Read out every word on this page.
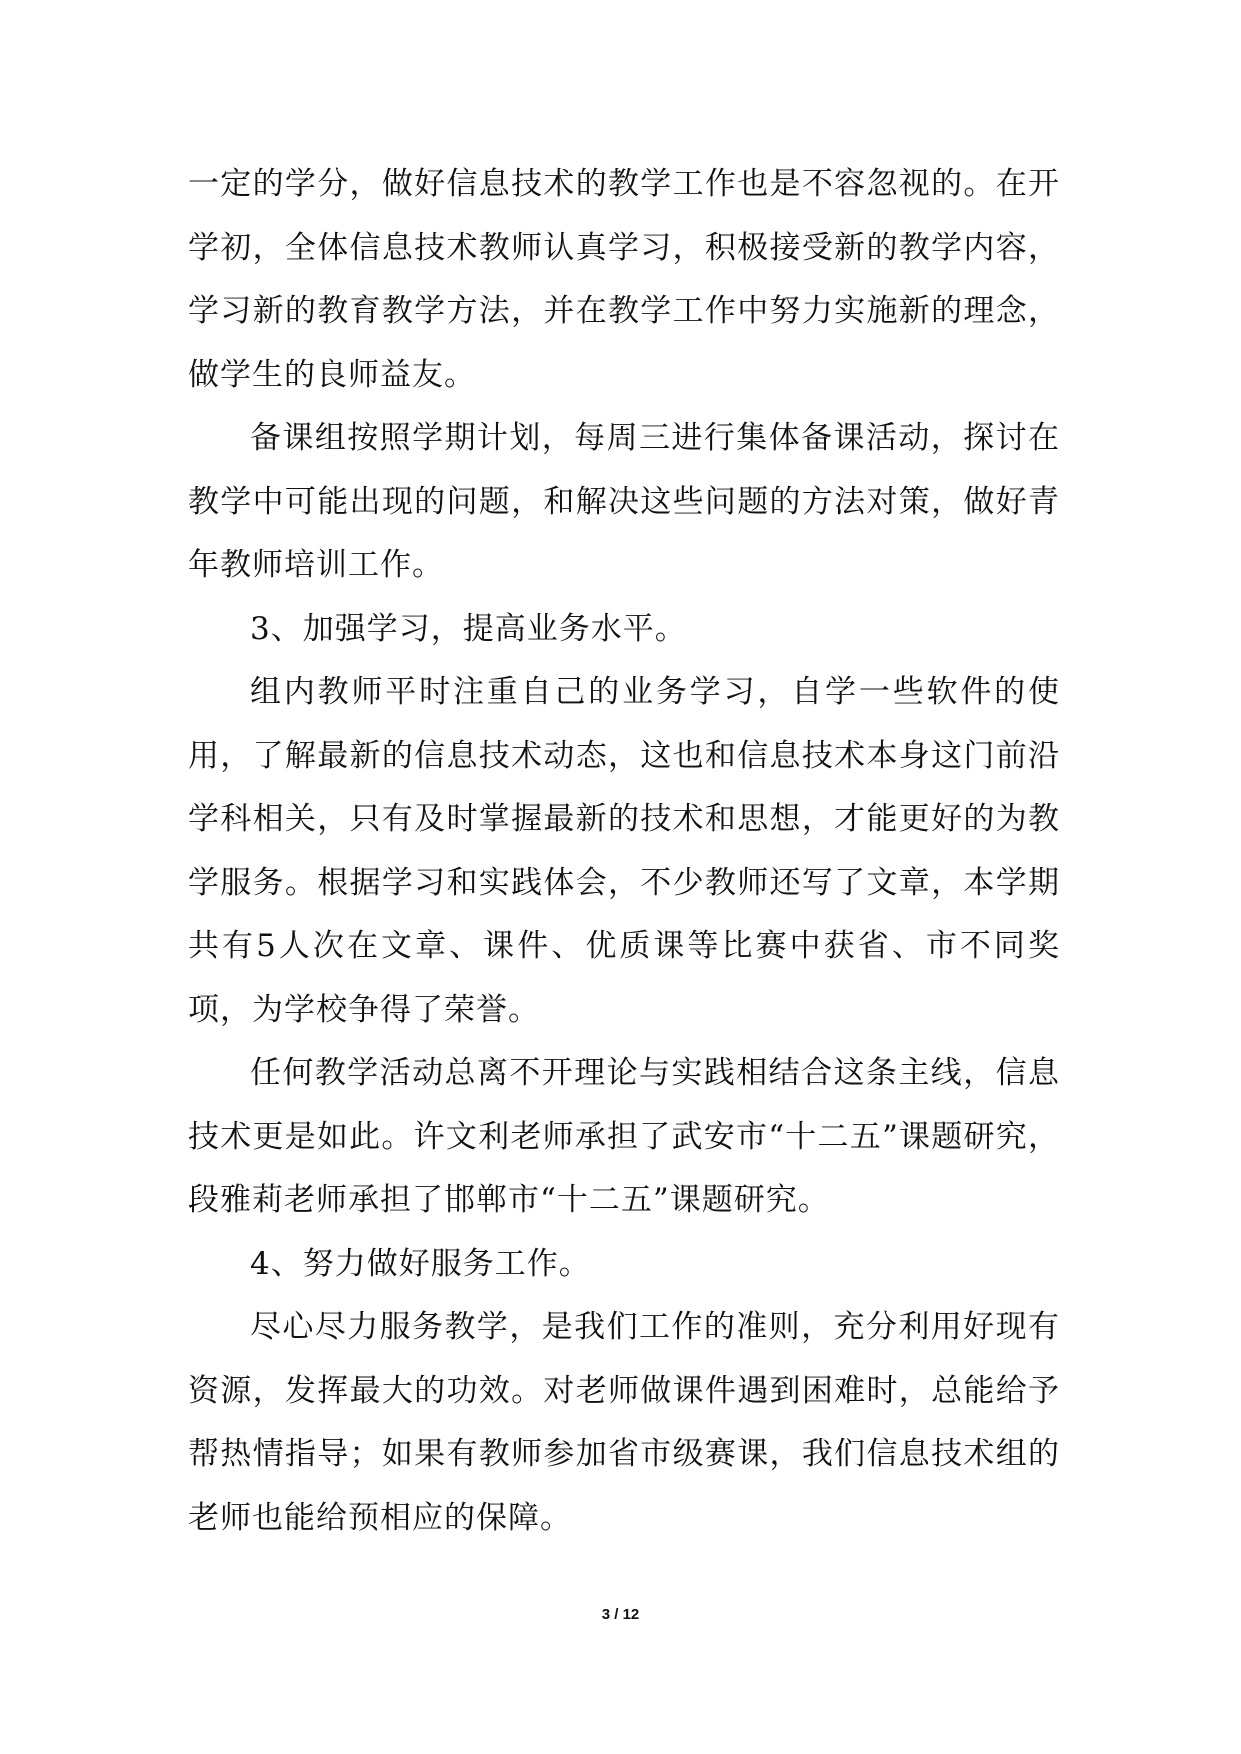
一定的学分，做好信息技术的教学工作也是不容忽视的。在开学初，全体信息技术教师认真学习，积极接受新的教学内容，学习新的教育教学方法，并在教学工作中努力实施新的理念，做学生的良师益友。

备课组按照学期计划，每周三进行集体备课活动，探讨在教学中可能出现的问题，和解决这些问题的方法对策，做好青年教师培训工作。

3、加强学习，提高业务水平。

组内教师平时注重自己的业务学习，自学一些软件的使用，了解最新的信息技术动态，这也和信息技术本身这门前沿学科相关，只有及时掌握最新的技术和思想，才能更好的为教学服务。根据学习和实践体会，不少教师还写了文章，本学期共有5人次在文章、课件、优质课等比赛中获省、市不同奖项，为学校争得了荣誉。

任何教学活动总离不开理论与实践相结合这条主线，信息技术更是如此。许文利老师承担了武安市“十二五”课题研究，段雅莉老师承担了邯郸市“十二五”课题研究。

4、努力做好服务工作。

尽心尽力服务教学，是我们工作的准则，充分利用好现有资源，发挥最大的功效。对老师做课件遇到困难时，总能给予帮热情指导；如果有教师参加省市级赛课，我们信息技术组的老师也能给预相应的保障。

3 / 12
